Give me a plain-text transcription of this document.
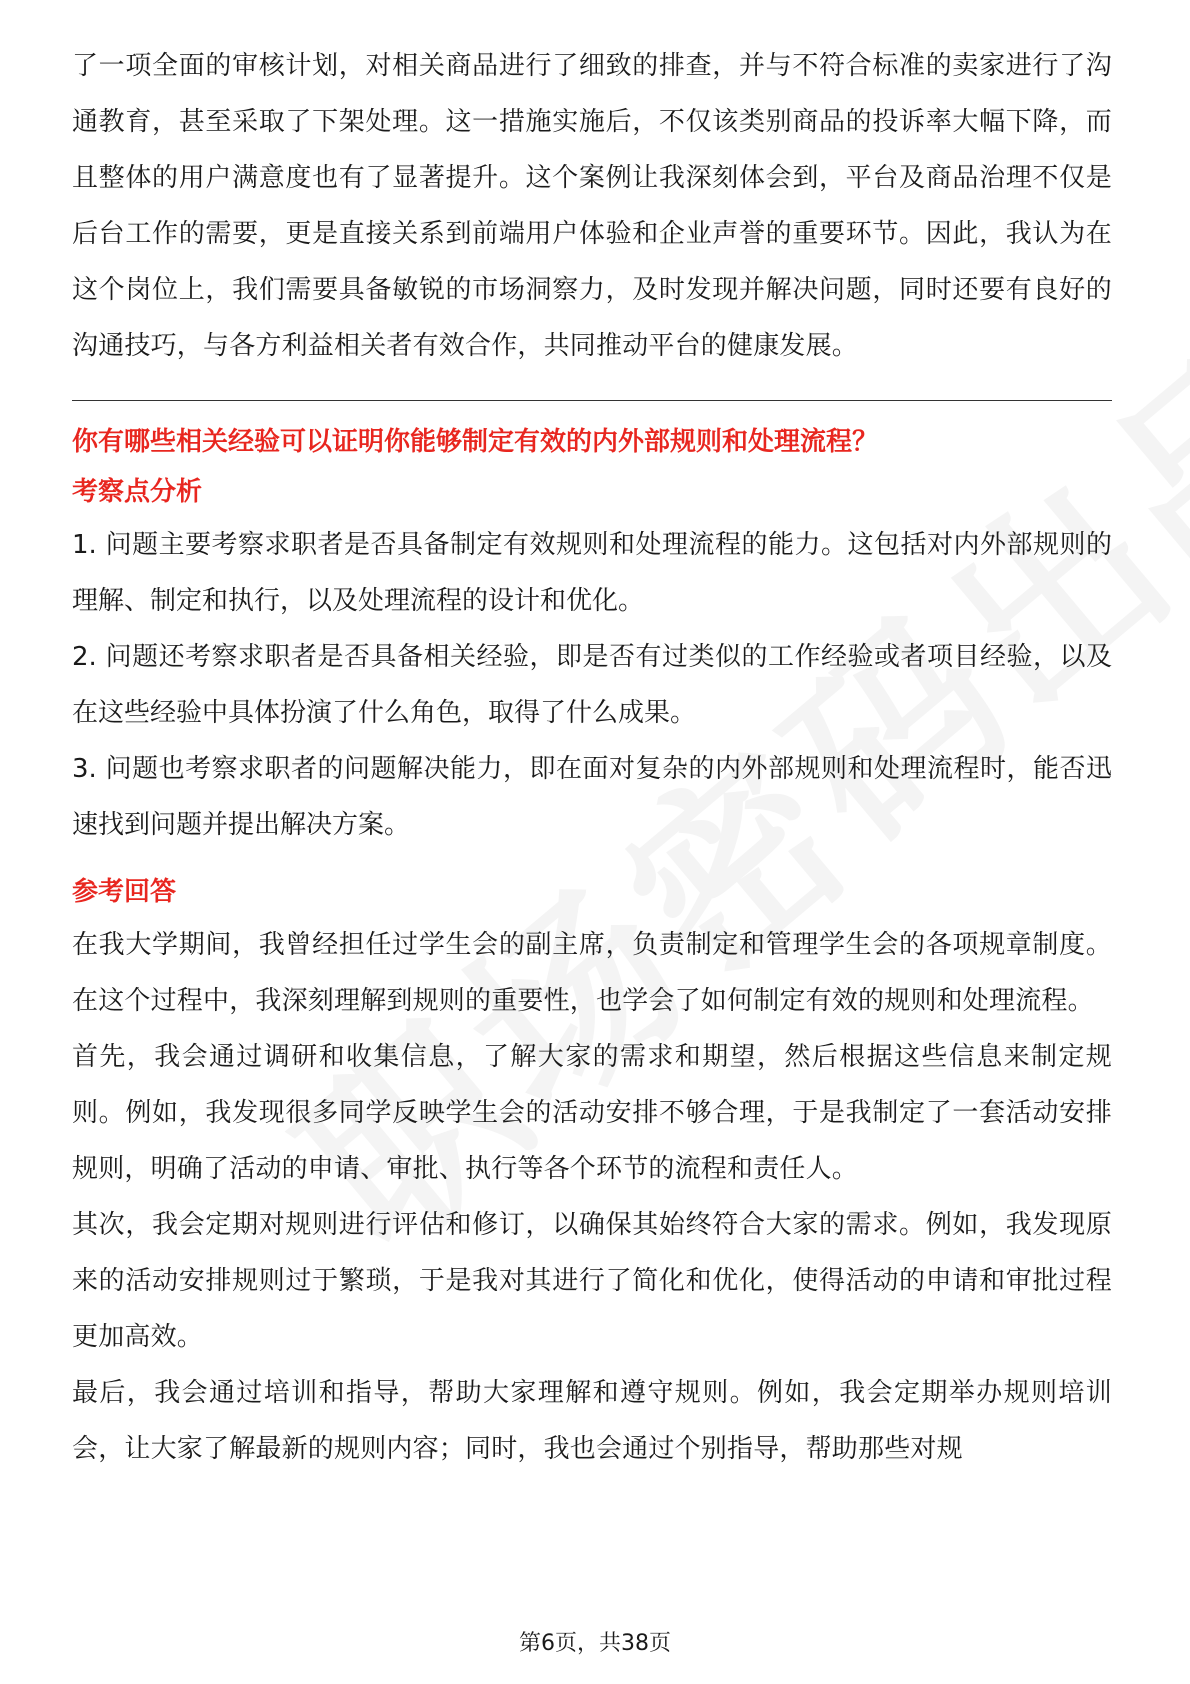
了一项全面的审核计划，对相关商品进行了细致的排查，并与不符合标准的卖家进行了沟通教育，甚至采取了下架处理。这一措施实施后，不仅该类别商品的投诉率大幅下降，而且整体的用户满意度也有了显著提升。这个案例让我深刻体会到，平台及商品治理不仅是后台工作的需要，更是直接关系到前端用户体验和企业声誉的重要环节。因此，我认为在这个岗位上，我们需要具备敏锐的市场洞察力，及时发现并解决问题，同时还要有良好的沟通技巧，与各方利益相关者有效合作，共同推动平台的健康发展。

你有哪些相关经验可以证明你能够制定有效的内外部规则和处理流程？

考察点分析

1. 问题主要考察求职者是否具备制定有效规则和处理流程的能力。这包括对内外部规则的理解、制定和执行，以及处理流程的设计和优化。

2. 问题还考察求职者是否具备相关经验，即是否有过类似的工作经验或者项目经验，以及在这些经验中具体扮演了什么角色，取得了什么成果。

3. 问题也考察求职者的问题解决能力，即在面对复杂的内外部规则和处理流程时，能否迅速找到问题并提出解决方案。

参考回答

在我大学期间，我曾经担任过学生会的副主席，负责制定和管理学生会的各项规章制度。在这个过程中，我深刻理解到规则的重要性，也学会了如何制定有效的规则和处理流程。

首先，我会通过调研和收集信息，了解大家的需求和期望，然后根据这些信息来制定规则。例如，我发现很多同学反映学生会的活动安排不够合理，于是我制定了一套活动安排规则，明确了活动的申请、审批、执行等各个环节的流程和责任人。

其次，我会定期对规则进行评估和修订，以确保其始终符合大家的需求。例如，我发现原来的活动安排规则过于繁琐，于是我对其进行了简化和优化，使得活动的申请和审批过程更加高效。

最后，我会通过培训和指导，帮助大家理解和遵守规则。例如，我会定期举办规则培训会，让大家了解最新的规则内容；同时，我也会通过个别指导，帮助那些对规

第6页，共38页
